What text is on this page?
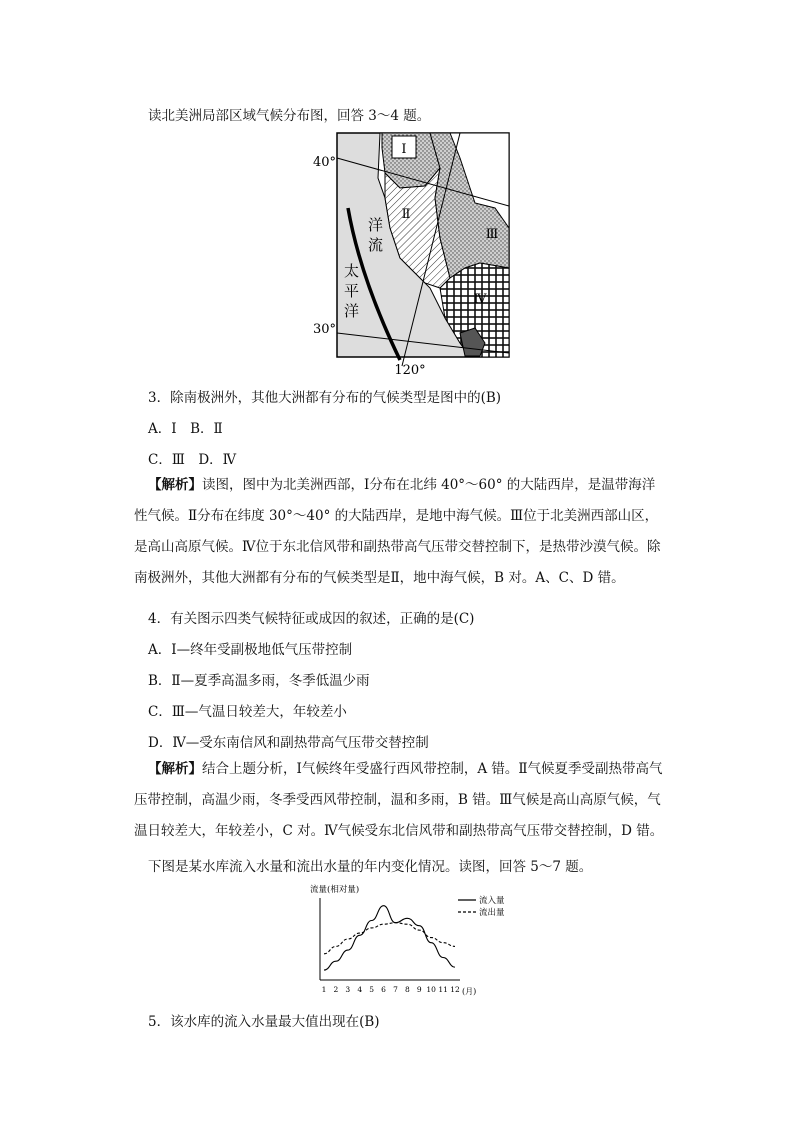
读北美洲局部区域气候分布图，回答 3～4 题。
40°
30°
120°
Ⅰ
Ⅱ
Ⅲ
Ⅳ
洋
流
太
平
洋
3．除南极洲外，其他大洲都有分布的气候类型是图中的(B)
A．Ⅰ　B．Ⅱ
C．Ⅲ　D．Ⅳ
【解析】读图，图中为北美洲西部，Ⅰ分布在北纬 40°～60° 的大陆西岸，是温带海洋性气候。Ⅱ分布在纬度 30°～40° 的大陆西岸，是地中海气候。Ⅲ位于北美洲西部山区，是高山高原气候。Ⅳ位于东北信风带和副热带高气压带交替控制下，是热带沙漠气候。除南极洲外，其他大洲都有分布的气候类型是Ⅱ，地中海气候，B 对。A、C、D 错。
4．有关图示四类气候特征或成因的叙述，正确的是(C)
A．Ⅰ—终年受副极地低气压带控制
B．Ⅱ—夏季高温多雨，冬季低温少雨
C．Ⅲ—气温日较差大，年较差小
D．Ⅳ—受东南信风和副热带高气压带交替控制
【解析】结合上题分析，Ⅰ气候终年受盛行西风带控制，A 错。Ⅱ气候夏季受副热带高气压带控制，高温少雨，冬季受西风带控制，温和多雨，B 错。Ⅲ气候是高山高原气候，气温日较差大，年较差小，C 对。Ⅳ气候受东北信风带和副热带高气压带交替控制，D 错。
下图是某水库流入水量和流出水量的年内变化情况。读图，回答 5～7 题。
流量(相对量)
(月)
流入量
流出量
1 2 3 4 5 6 7 8 9 10 11 12
5．该水库的流入水量最大值出现在(B)
